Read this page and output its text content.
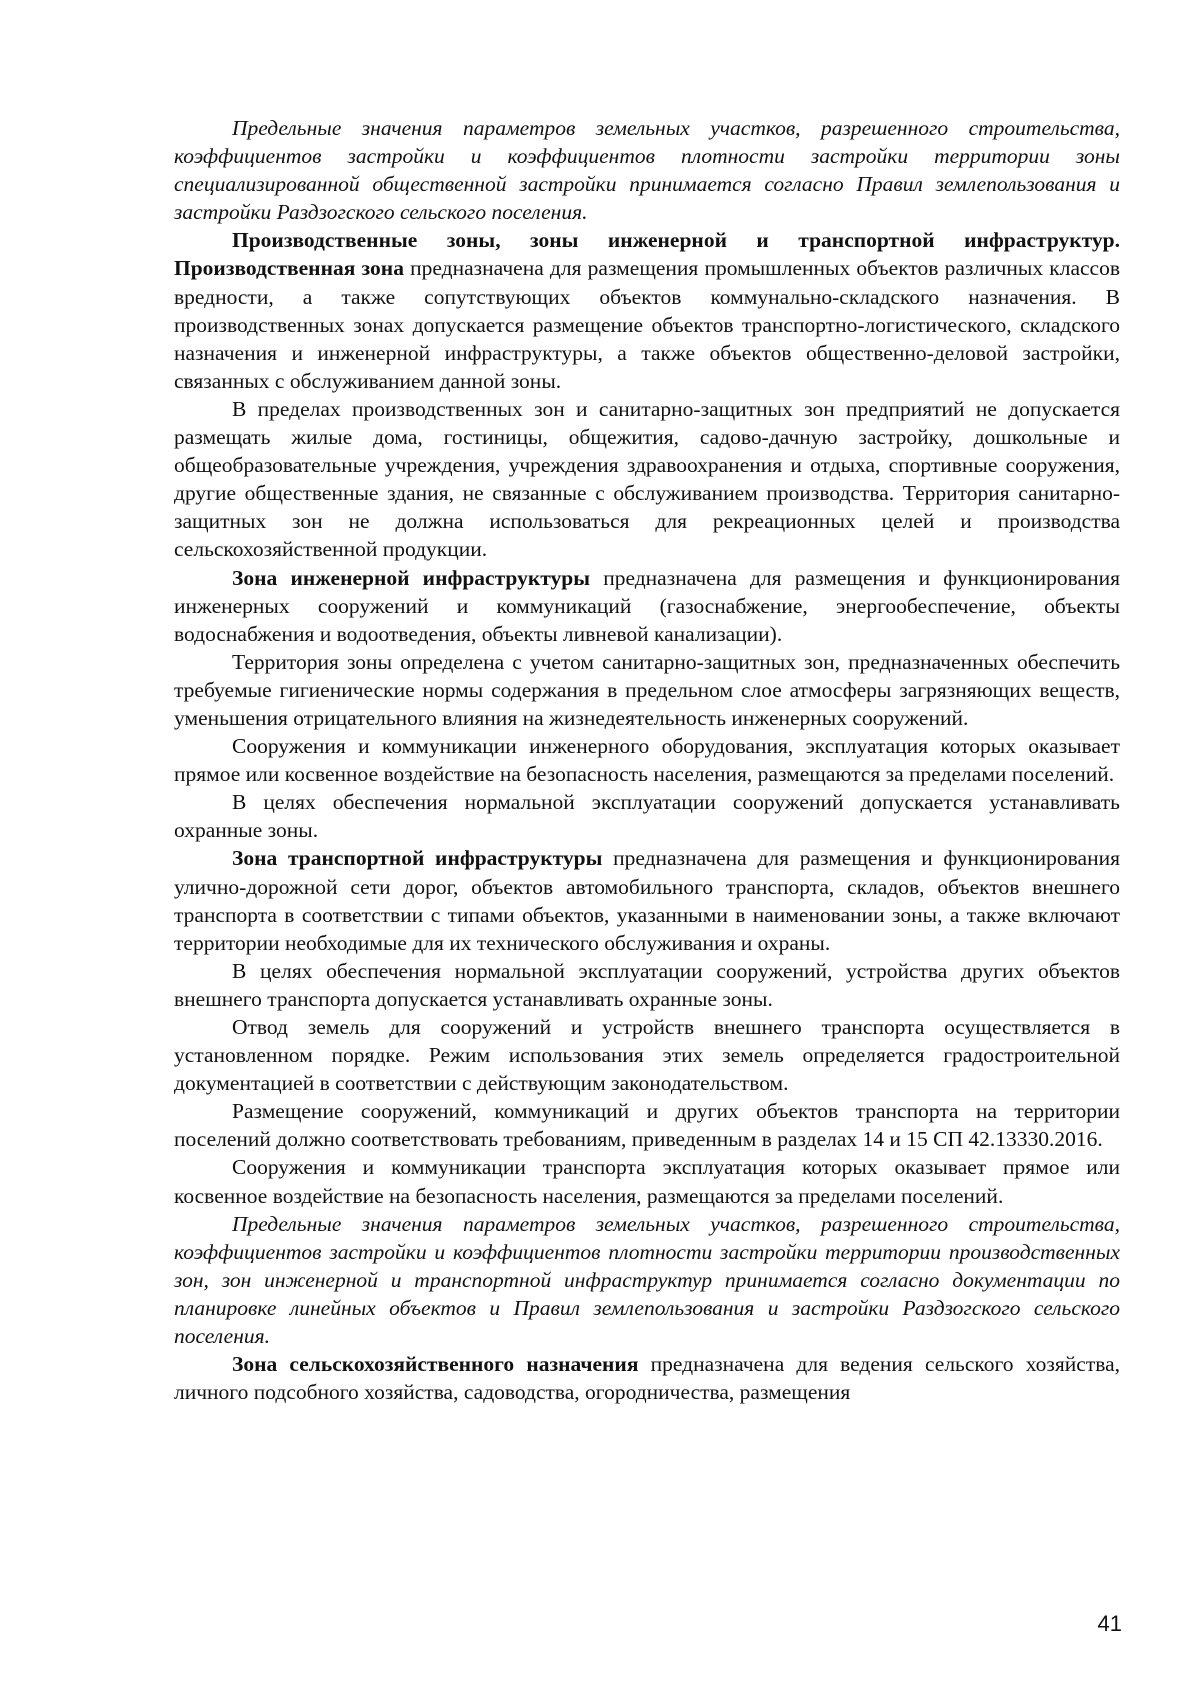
Предельные значения параметров земельных участков, разрешенного строительства, коэффициентов застройки и коэффициентов плотности застройки территории зоны специализированной общественной застройки принимается согласно Правил землепользования и застройки Раздзогского сельского поселения.

Производственные зоны, зоны инженерной и транспортной инфраструктур. Производственная зона предназначена для размещения промышленных объектов различных классов вредности, а также сопутствующих объектов коммунально-складского назначения. В производственных зонах допускается размещение объектов транспортно-логистического, складского назначения и инженерной инфраструктуры, а также объектов общественно-деловой застройки, связанных с обслуживанием данной зоны.

В пределах производственных зон и санитарно-защитных зон предприятий не допускается размещать жилые дома, гостиницы, общежития, садово-дачную застройку, дошкольные и общеобразовательные учреждения, учреждения здравоохранения и отдыха, спортивные сооружения, другие общественные здания, не связанные с обслуживанием производства. Территория санитарно-защитных зон не должна использоваться для рекреационных целей и производства сельскохозяйственной продукции.

Зона инженерной инфраструктуры предназначена для размещения и функционирования инженерных сооружений и коммуникаций (газоснабжение, энергообеспечение, объекты водоснабжения и водоотведения, объекты ливневой канализации).

Территория зоны определена с учетом санитарно-защитных зон, предназначенных обеспечить требуемые гигиенические нормы содержания в предельном слое атмосферы загрязняющих веществ, уменьшения отрицательного влияния на жизнедеятельность инженерных сооружений.

Сооружения и коммуникации инженерного оборудования, эксплуатация которых оказывает прямое или косвенное воздействие на безопасность населения, размещаются за пределами поселений.

В целях обеспечения нормальной эксплуатации сооружений допускается устанавливать охранные зоны.

Зона транспортной инфраструктуры предназначена для размещения и функционирования улично-дорожной сети дорог, объектов автомобильного транспорта, складов, объектов внешнего транспорта в соответствии с типами объектов, указанными в наименовании зоны, а также включают территории необходимые для их технического обслуживания и охраны.

В целях обеспечения нормальной эксплуатации сооружений, устройства других объектов внешнего транспорта допускается устанавливать охранные зоны.

Отвод земель для сооружений и устройств внешнего транспорта осуществляется в установленном порядке. Режим использования этих земель определяется градостроительной документацией в соответствии с действующим законодательством.

Размещение сооружений, коммуникаций и других объектов транспорта на территории поселений должно соответствовать требованиям, приведенным в разделах 14 и 15 СП 42.13330.2016.

Сооружения и коммуникации транспорта эксплуатация которых оказывает прямое или косвенное воздействие на безопасность населения, размещаются за пределами поселений.

Предельные значения параметров земельных участков, разрешенного строительства, коэффициентов застройки и коэффициентов плотности застройки территории производственных зон, зон инженерной и транспортной инфраструктур принимается согласно документации по планировке линейных объектов и Правил землепользования и застройки Раздзогского сельского поселения.

Зона сельскохозяйственного назначения предназначена для ведения сельского хозяйства, личного подсобного хозяйства, садоводства, огородничества, размещения

41
